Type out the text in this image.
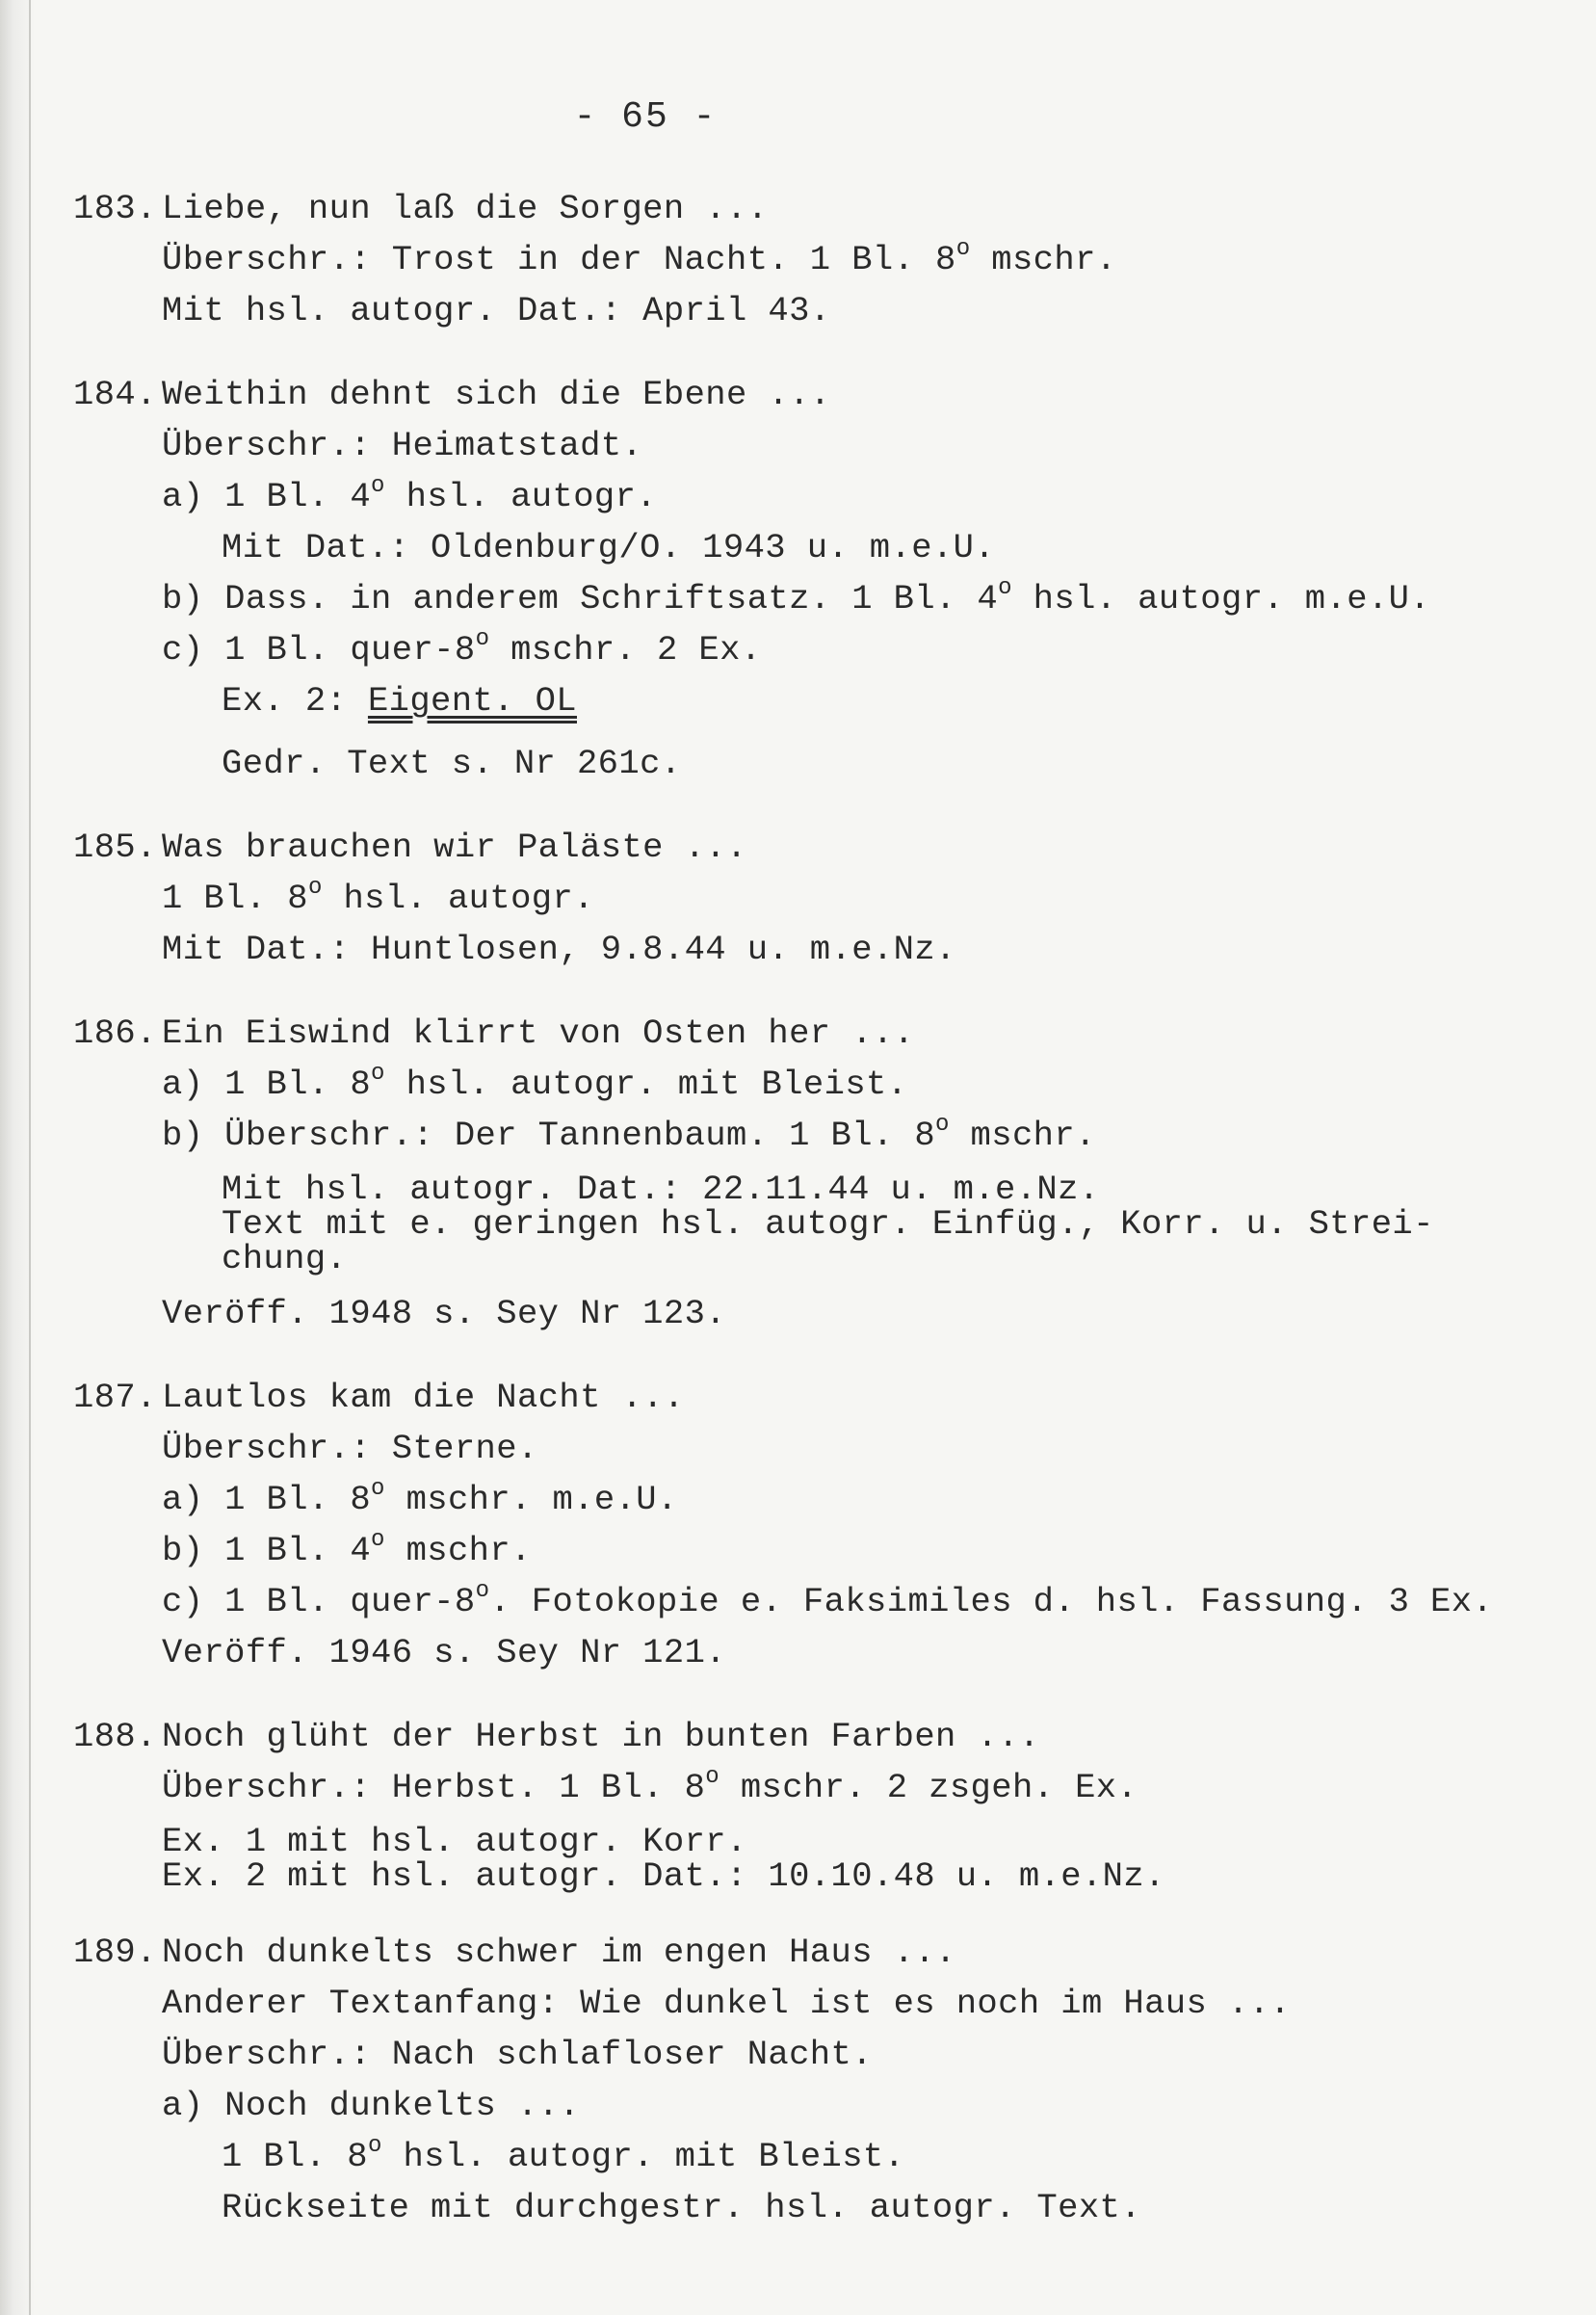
- 65 -
183. Liebe, nun laß die Sorgen ...
Überschr.: Trost in der Nacht. 1 Bl. 8$^o$ mschr.
Mit hsl. autogr. Dat.: April 43.
184. Weithin dehnt sich die Ebene ...
Überschr.: Heimatstadt.
a) 1 Bl. 4$^o$ hsl. autogr.
Mit Dat.: Oldenburg/O. 1943 u. m.e.U.
b) Dass. in anderem Schriftsatz. 1 Bl. 4$^o$ hsl. autogr. m.e.U.
c) 1 Bl. quer-8$^o$ mschr. 2 Ex.
Ex. 2: Eigent. OL
Gedr. Text s. Nr 261c.
185. Was brauchen wir Paläste ...
1 Bl. 8$^o$ hsl. autogr.
Mit Dat.: Huntlosen, 9.8.44 u. m.e.Nz.
186. Ein Eiswind klirrt von Osten her ...
a) 1 Bl. 8$^o$ hsl. autogr. mit Bleist.
b) Überschr.: Der Tannenbaum. 1 Bl. 8$^o$ mschr.
Mit hsl. autogr. Dat.: 22.11.44 u. m.e.Nz.
Text mit e. geringen hsl. autogr. Einfüg., Korr. u. Strei-
chung.
Veröff. 1948 s. Sey Nr 123.
187. Lautlos kam die Nacht ...
Überschr.: Sterne.
a) 1 Bl. 8$^o$ mschr. m.e.U.
b) 1 Bl. 4$^o$ mschr.
c) 1 Bl. quer-8$^o$. Fotokopie e. Faksimiles d. hsl. Fassung. 3 Ex.
Veröff. 1946 s. Sey Nr 121.
188. Noch glüht der Herbst in bunten Farben ...
Überschr.: Herbst. 1 Bl. 8$^o$ mschr. 2 zsgeh. Ex.
Ex. 1 mit hsl. autogr. Korr.
Ex. 2 mit hsl. autogr. Dat.: 10.10.48 u. m.e.Nz.
189. Noch dunkelts schwer im engen Haus ...
Anderer Textanfang: Wie dunkel ist es noch im Haus ...
Überschr.: Nach schlafloser Nacht.
a) Noch dunkelts ...
1 Bl. 8$^o$ hsl. autogr. mit Bleist.
Rückseite mit durchgestr. hsl. autogr. Text.
